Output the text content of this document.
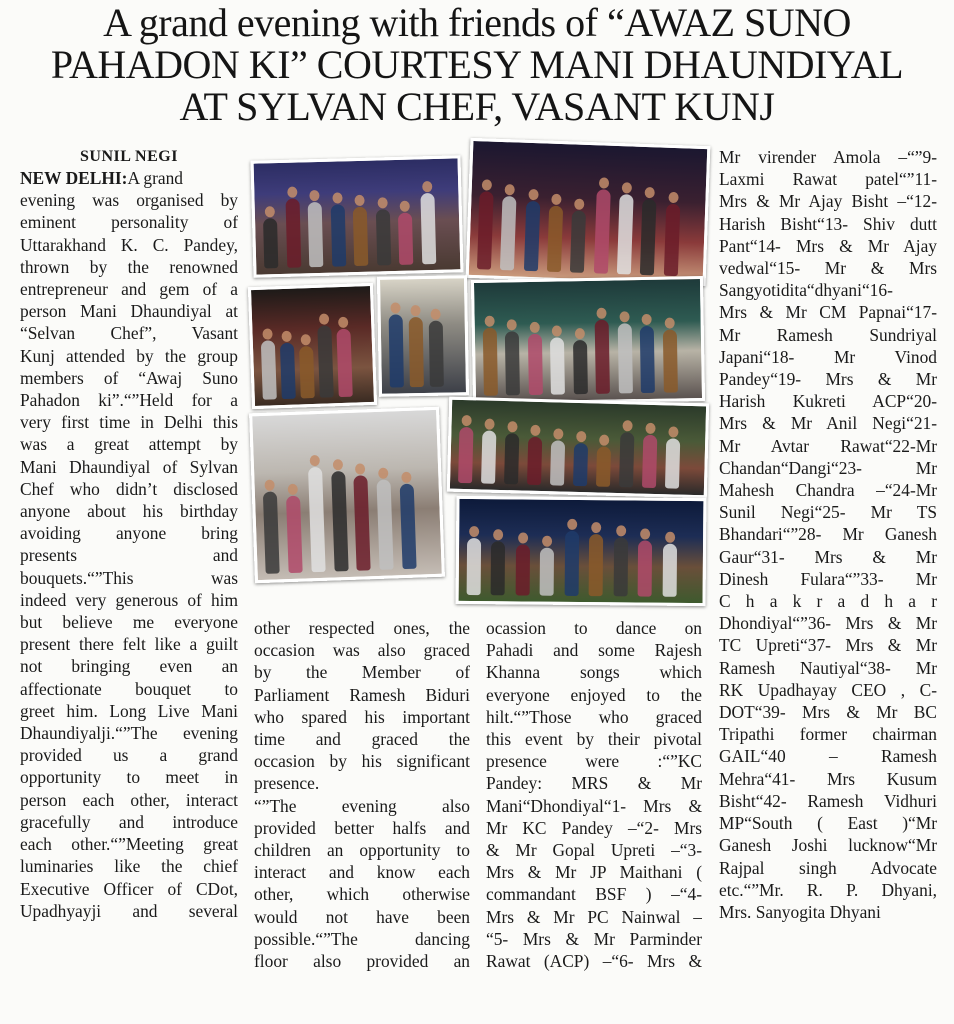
A grand evening with friends of “AWAZ SUNO
PAHADON KI” COURTESY MANI DHAUNDIYAL
AT SYLVAN CHEF, VASANT KUNJ
SUNIL NEGI
NEW DELHI:A grand
evening was organised by
eminent personality of
Uttarakhand K. C. Pandey,
thrown by the renowned
entrepreneur and gem of a
person Mani Dhaundiyal at
“Selvan Chef”, Vasant
Kunj attended by the group
members of “Awaj Suno
Pahadon ki”.“”Held for a
very first time in Delhi this
was a great attempt by
Mani Dhaundiyal of Sylvan
Chef who didn’t disclosed
anyone about his birthday
avoiding anyone bring
presents and
bouquets.“”This was
indeed very generous of him
but believe me everyone
present there felt like a guilt
not bringing even an
affectionate bouquet to
greet him. Long Live Mani
Dhaundiyalji.“”The evening
provided us a grand
opportunity to meet in
person each other, interact
gracefully and introduce
each other.“”Meeting great
luminaries like the chief
Executive Officer of CDot,
Upadhyayji and several
other respected ones, the
occasion was also graced
by the Member of
Parliament Ramesh Biduri
who spared his important
time and graced the
occasion by his significant
presence.
“”The evening also
provided better halfs and
children an opportunity to
interact and know each
other, which otherwise
would not have been
possible.“”The dancing
floor also provided an
ocassion to dance on
Pahadi and some Rajesh
Khanna songs which
everyone enjoyed to the
hilt.“”Those who graced
this event by their pivotal
presence were :“”KC
Pandey: MRS & Mr
Mani“Dhondiyal“1- Mrs &
Mr KC Pandey –“2- Mrs
& Mr Gopal Upreti –“3-
Mrs & Mr JP Maithani (
commandant BSF ) –“4-
Mrs & Mr PC Nainwal –
“5- Mrs & Mr Parminder
Rawat (ACP) –“6- Mrs &
Mr virender Amola –“”9-
Laxmi Rawat patel“”11-
Mrs & Mr Ajay Bisht –“12-
Harish Bisht“13- Shiv dutt
Pant“14- Mrs & Mr Ajay
vedwal“15- Mr & Mrs
Sangyotidita“dhyani“16-
Mrs & Mr CM Papnai“17-
Mr Ramesh Sundriyal
Japani“18- Mr Vinod
Pandey“19- Mrs & Mr
Harish Kukreti ACP“20-
Mrs & Mr Anil Negi“21-
Mr Avtar Rawat“22-Mr
Chandan“Dangi“23- Mr
Mahesh Chandra –“24-Mr
Sunil Negi“25- Mr TS
Bhandari“”28- Mr Ganesh
Gaur“31- Mrs & Mr
Dinesh Fulara“”33- Mr
C h a k r a d h a r
Dhondiyal“”36- Mrs & Mr
TC Upreti“37- Mrs & Mr
Ramesh Nautiyal“38- Mr
RK Upadhayay CEO , C-
DOT“39- Mrs & Mr BC
Tripathi former chairman
GAIL“40 – Ramesh
Mehra“41- Mrs Kusum
Bisht“42- Ramesh Vidhuri
MP“South ( East )“Mr
Ganesh Joshi lucknow“Mr
Rajpal singh Advocate
etc.“”Mr. R. P. Dhyani,
Mrs. Sanyogita Dhyani
